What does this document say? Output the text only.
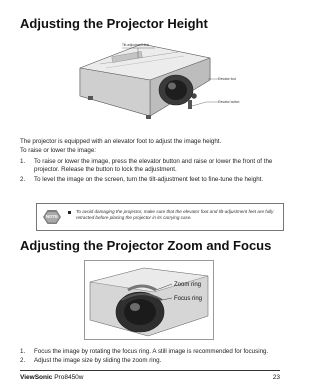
Adjusting the Projector Height
Tilt-adjustment feet
Elevator foot
Elevator button
The projector is equipped with an elevator foot to adjust the image height.
To raise or lower the image:
1. To raise or lower the image, press the elevator button and raise or lower the front of the projector. Release the button to lock the adjustment.
2. To level the image on the screen, turn the tilt-adjustment feet to fine-tune the height.
NOTE
To avoid damaging the projector, make sure that the elevator foot and tilt-adjustment feet are fully retracted before placing the projector in its carrying case.
Adjusting the Projector Zoom and Focus
Zoom ring
Focus ring
1. Focus the image by rotating the focus ring. A still image is recommended for focusing.
2. Adjust the image size by sliding the zoom ring.
ViewSonic Pro8450w	23
